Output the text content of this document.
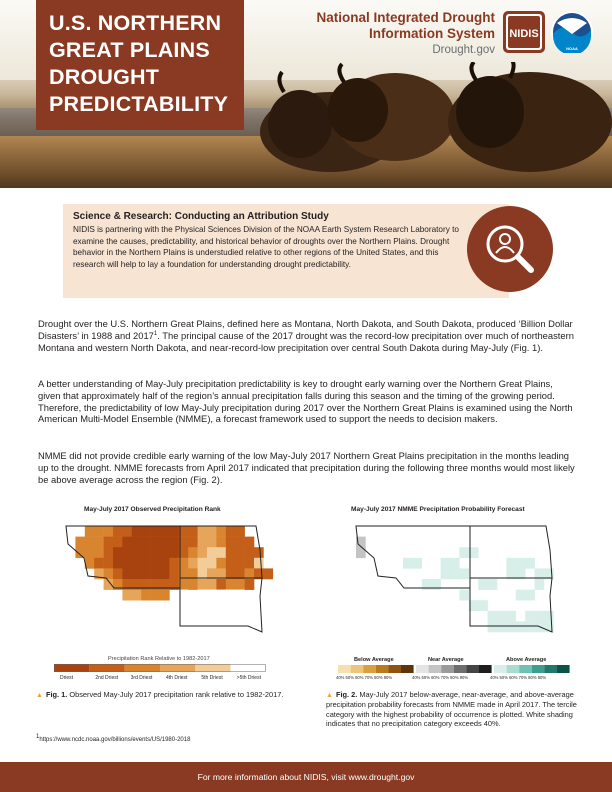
U.S. NORTHERN
GREAT PLAINS
DROUGHT
PREDICTABILITY
National Integrated Drought
Information System
Drought.gov
NIDIS
NOAA
Science & Research: Conducting an Attribution Study

NIDIS is partnering with the Physical Sciences Division of the NOAA Earth System Research Laboratory to examine the causes, predictability, and historical behavior of droughts over the Northern Plains. Drought behavior in the Northern Plains is understudied relative to other regions of the United States, and this research will help to lay a foundation for understanding drought predictability.

Drought over the U.S. Northern Great Plains, defined here as Montana, North Dakota, and South Dakota, produced ‘Billion Dollar Disasters’ in 1988 and 2017$^1$. The principal cause of the 2017 drought was the record-low precipitation over much of northeastern Montana and western North Dakota, and near-record-low precipitation over central South Dakota during May-July (Fig. 1).

A better understanding of May-July precipitation predictability is key to drought early warning over the Northern Great Plains, given that approximately half of the region’s annual precipitation falls during this season and the timing of the growing period. Therefore, the predictability of low May-July precipitation during 2017 over the Northern Great Plains is examined using the North American Multi-Model Ensemble (NMME), a forecast framework used to support the needs to decision makers.

NMME did not provide credible early warning of the low May-July 2017 Northern Great Plains precipitation in the months leading up to the drought. NMME forecasts from April 2017 indicated that precipitation during the following three months would most likely be above average across the region (Fig. 2).

May-July 2017 Observed Precipitation Rank
Precipitation Rank Relative to 1982-2017
Driest	2nd Driest	3rd Driest	4th Driest	5th Driest	>5th Driest
May-July 2017 NMME Precipitation Probability Forecast
Below Average	Near Average	Above Average
40% 50% 60% 70% 80% 90%	40% 50% 60% 70% 80% 90%	40% 50% 60% 70% 80% 90%
▲ Fig. 1. Observed May-July 2017 precipitation rank relative to 1982-2017.	▲ Fig. 2. May-July 2017 below-average, near-average, and above-average precipitation probability forecasts from NMME made in April 2017. The tercile category with the highest probability of occurrence is plotted. White shading indicates that no precipitation category exceeds 40%.
$^1$https://www.ncdc.noaa.gov/billions/events/US/1980-2018
For more information about NIDIS, visit www.drought.gov
